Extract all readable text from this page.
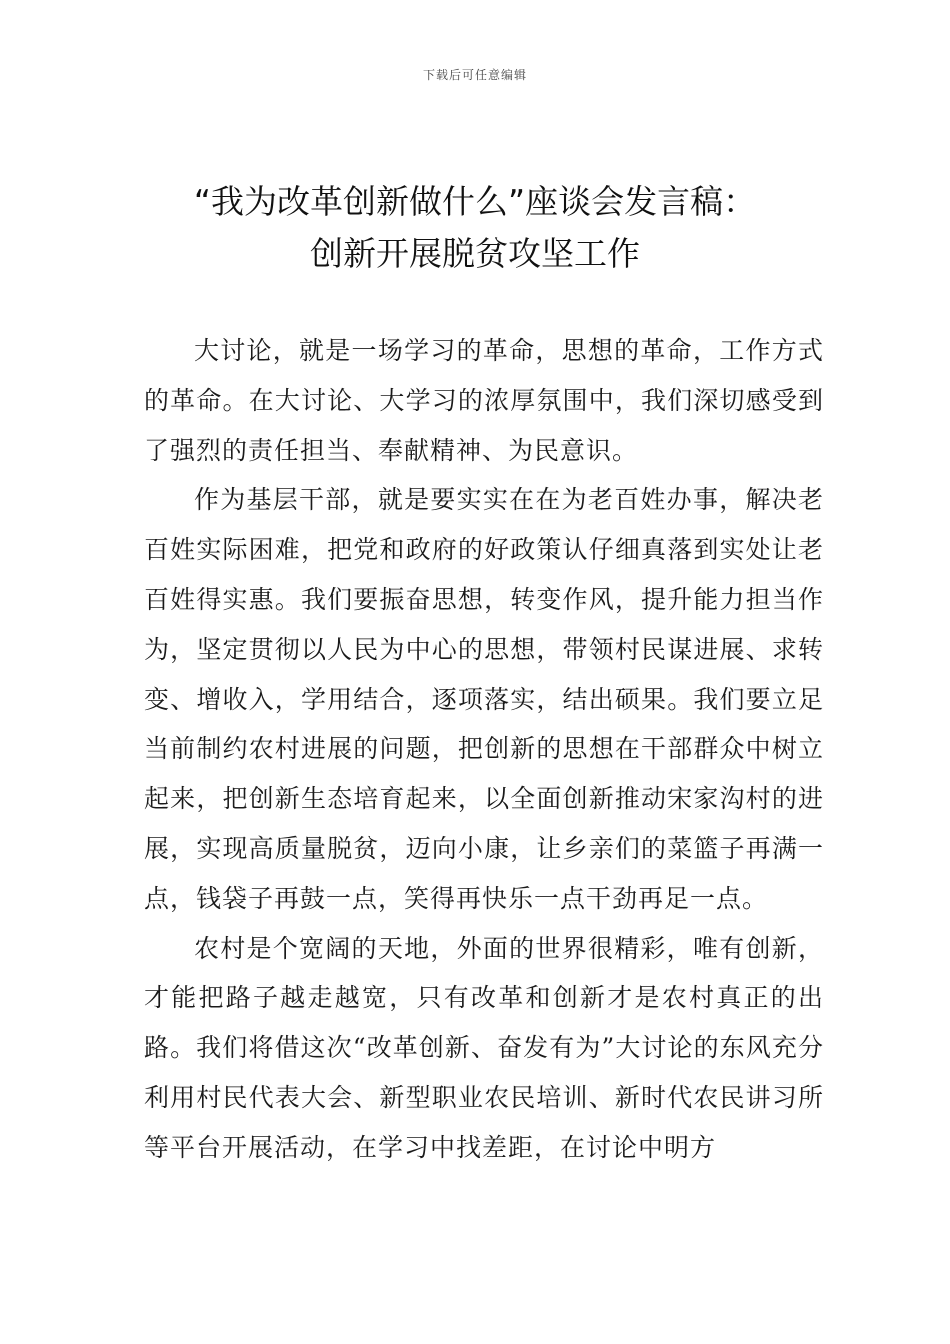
下载后可任意编辑
“我为改革创新做什么”座谈会发言稿：
创新开展脱贫攻坚工作

大讨论，就是一场学习的革命，思想的革命，工作方式的革命。在大讨论、大学习的浓厚氛围中，我们深切感受到了强烈的责任担当、奉献精神、为民意识。

作为基层干部，就是要实实在在为老百姓办事，解决老百姓实际困难，把党和政府的好政策认仔细真落到实处让老百姓得实惠。我们要振奋思想，转变作风，提升能力担当作为，坚定贯彻以人民为中心的思想，带领村民谋进展、求转变、增收入，学用结合，逐项落实，结出硕果。我们要立足当前制约农村进展的问题，把创新的思想在干部群众中树立起来，把创新生态培育起来，以全面创新推动宋家沟村的进展，实现高质量脱贫，迈向小康，让乡亲们的菜篮子再满一点，钱袋子再鼓一点，笑得再快乐一点干劲再足一点。

农村是个宽阔的天地，外面的世界很精彩，唯有创新，才能把路子越走越宽，只有改革和创新才是农村真正的出路。我们将借这次“改革创新、奋发有为”大讨论的东风充分利用村民代表大会、新型职业农民培训、新时代农民讲习所等平台开展活动，在学习中找差距，在讨论中明方
